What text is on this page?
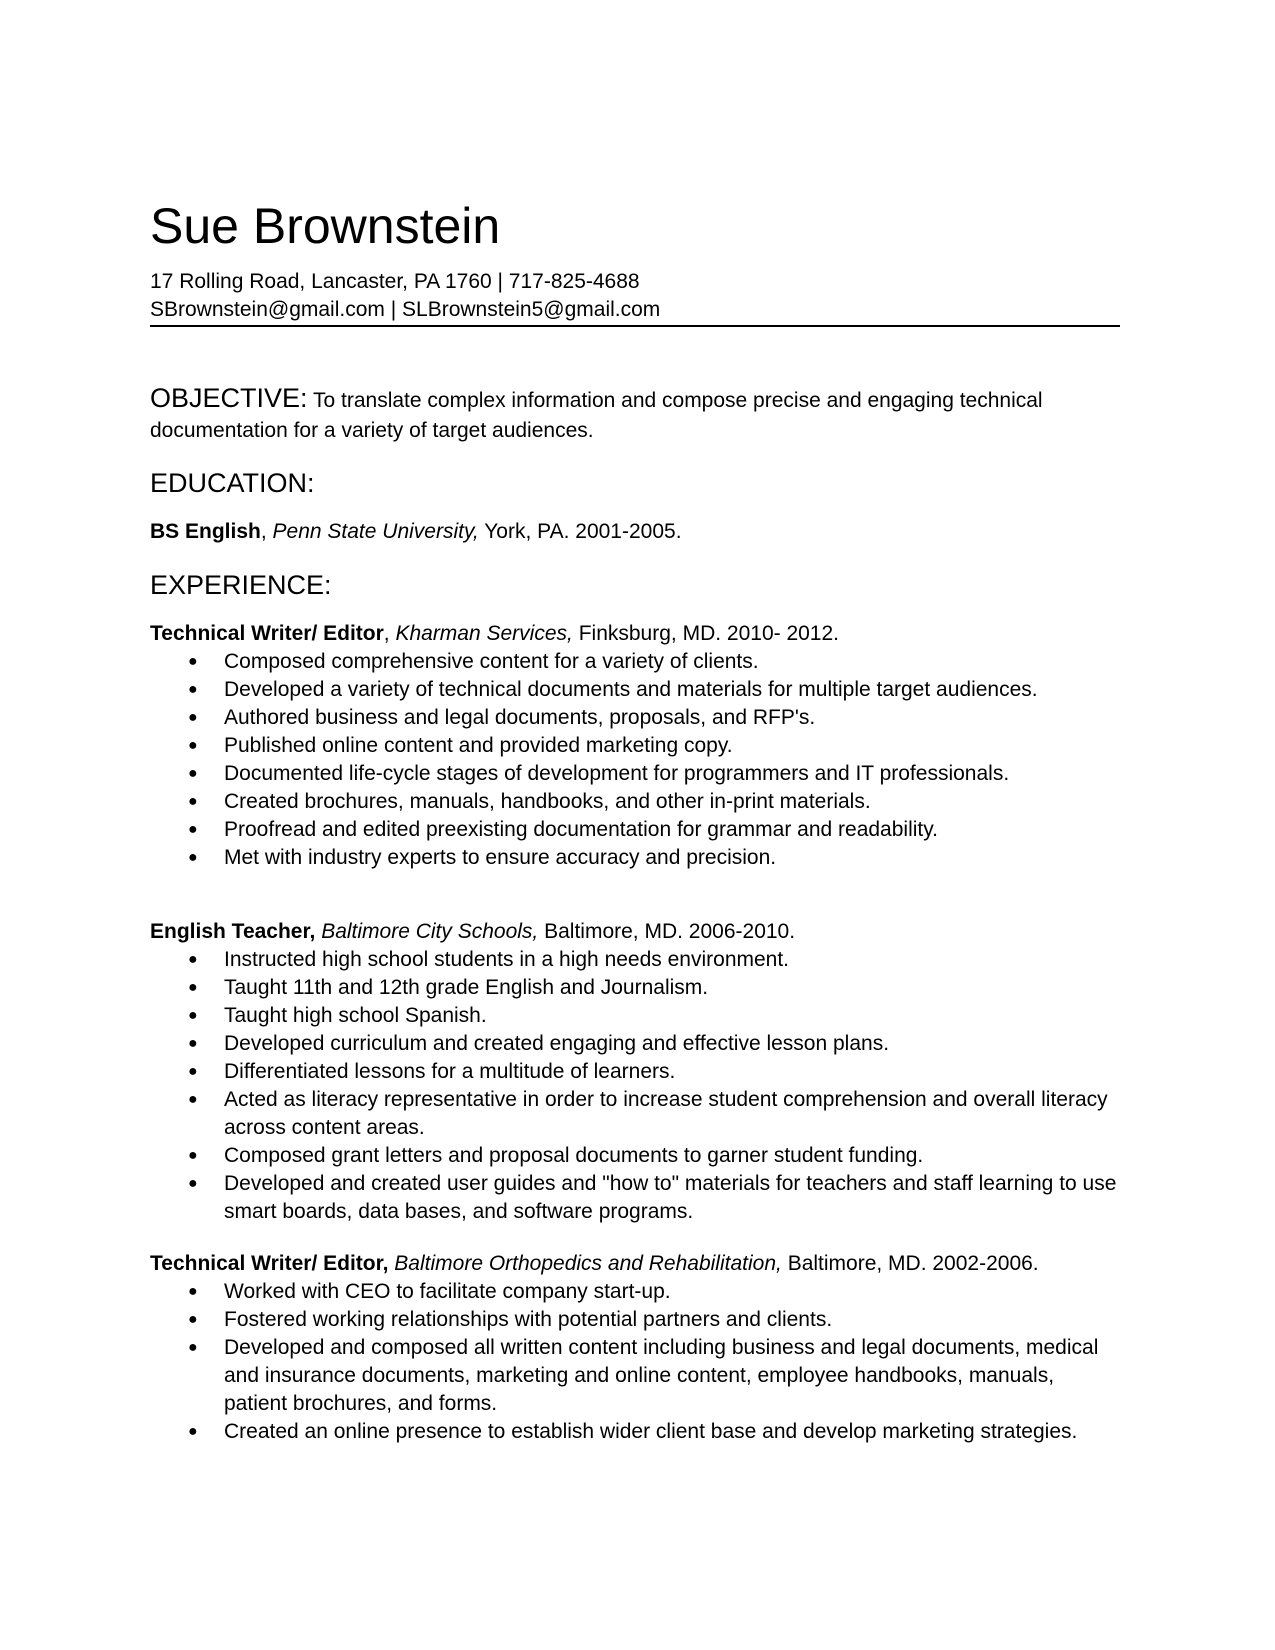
Sue Brownstein
17 Rolling Road, Lancaster, PA 1760 | 717-825-4688
SBrownstein@gmail.com | SLBrownstein5@gmail.com
OBJECTIVE: To translate complex information and compose precise and engaging technical documentation for a variety of target audiences.
EDUCATION:
BS English, Penn State University, York, PA. 2001-2005.
EXPERIENCE:
Technical Writer/ Editor, Kharman Services, Finksburg, MD. 2010- 2012.
● Composed comprehensive content for a variety of clients.
● Developed a variety of technical documents and materials for multiple target audiences.
● Authored business and legal documents, proposals, and RFP's.
● Published online content and provided marketing copy.
● Documented life-cycle stages of development for programmers and IT professionals.
● Created brochures, manuals, handbooks, and other in-print materials.
● Proofread and edited preexisting documentation for grammar and readability.
● Met with industry experts to ensure accuracy and precision.
English Teacher, Baltimore City Schools, Baltimore, MD. 2006-2010.
● Instructed high school students in a high needs environment.
● Taught 11th and 12th grade English and Journalism.
● Taught high school Spanish.
● Developed curriculum and created engaging and effective lesson plans.
● Differentiated lessons for a multitude of learners.
● Acted as literacy representative in order to increase student comprehension and overall literacy across content areas.
● Composed grant letters and proposal documents to garner student funding.
● Developed and created user guides and "how to" materials for teachers and staff learning to use smart boards, data bases, and software programs.
Technical Writer/ Editor, Baltimore Orthopedics and Rehabilitation, Baltimore, MD. 2002-2006.
● Worked with CEO to facilitate company start-up.
● Fostered working relationships with potential partners and clients.
● Developed and composed all written content including business and legal documents, medical and insurance documents, marketing and online content, employee handbooks, manuals, patient brochures, and forms.
● Created an online presence to establish wider client base and develop marketing strategies.
